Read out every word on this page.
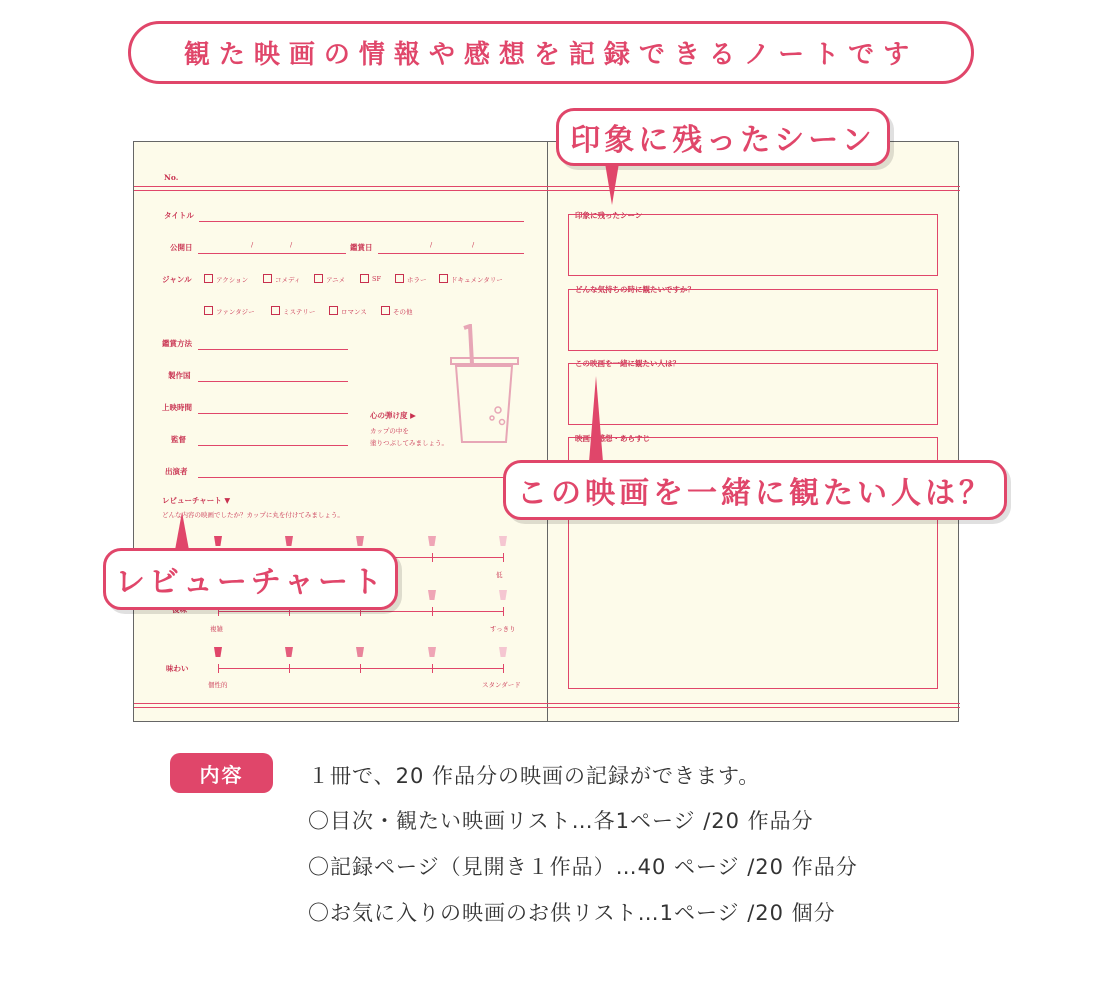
観た映画の情報や感想を記録できるノートです
No.
タイトル
公開日	/	/	鑑賞日	/	/
ジャンル	アクション	コメディ	アニメ	SF	ホラー	ドキュメンタリー
ファンタジー	ミステリー	ロマンス	その他
鑑賞方法
製作国
上映時間
監督
出演者
心の弾け度 ▶
カップの中を
塗りつぶしてみましょう。
レビューチャート ▼
どんな内容の映画でしたか？カップに丸を付けてみましょう。
低
複雑	すっきり
味わい
個性的	スタンダード
印象に残ったシーン
どんな気持ちの時に観たいですか？
この映画を一緒に観たい人は？
映画の感想・あらすじ
印象に残ったシーン
この映画を一緒に観たい人は？
レビューチャート
内容	１冊で、20 作品分の映画の記録ができます。
〇目次・観たい映画リスト…各1ページ /20 作品分
〇記録ページ（見開き１作品）…40 ページ /20 作品分
〇お気に入りの映画のお供リスト…1ページ /20 個分
